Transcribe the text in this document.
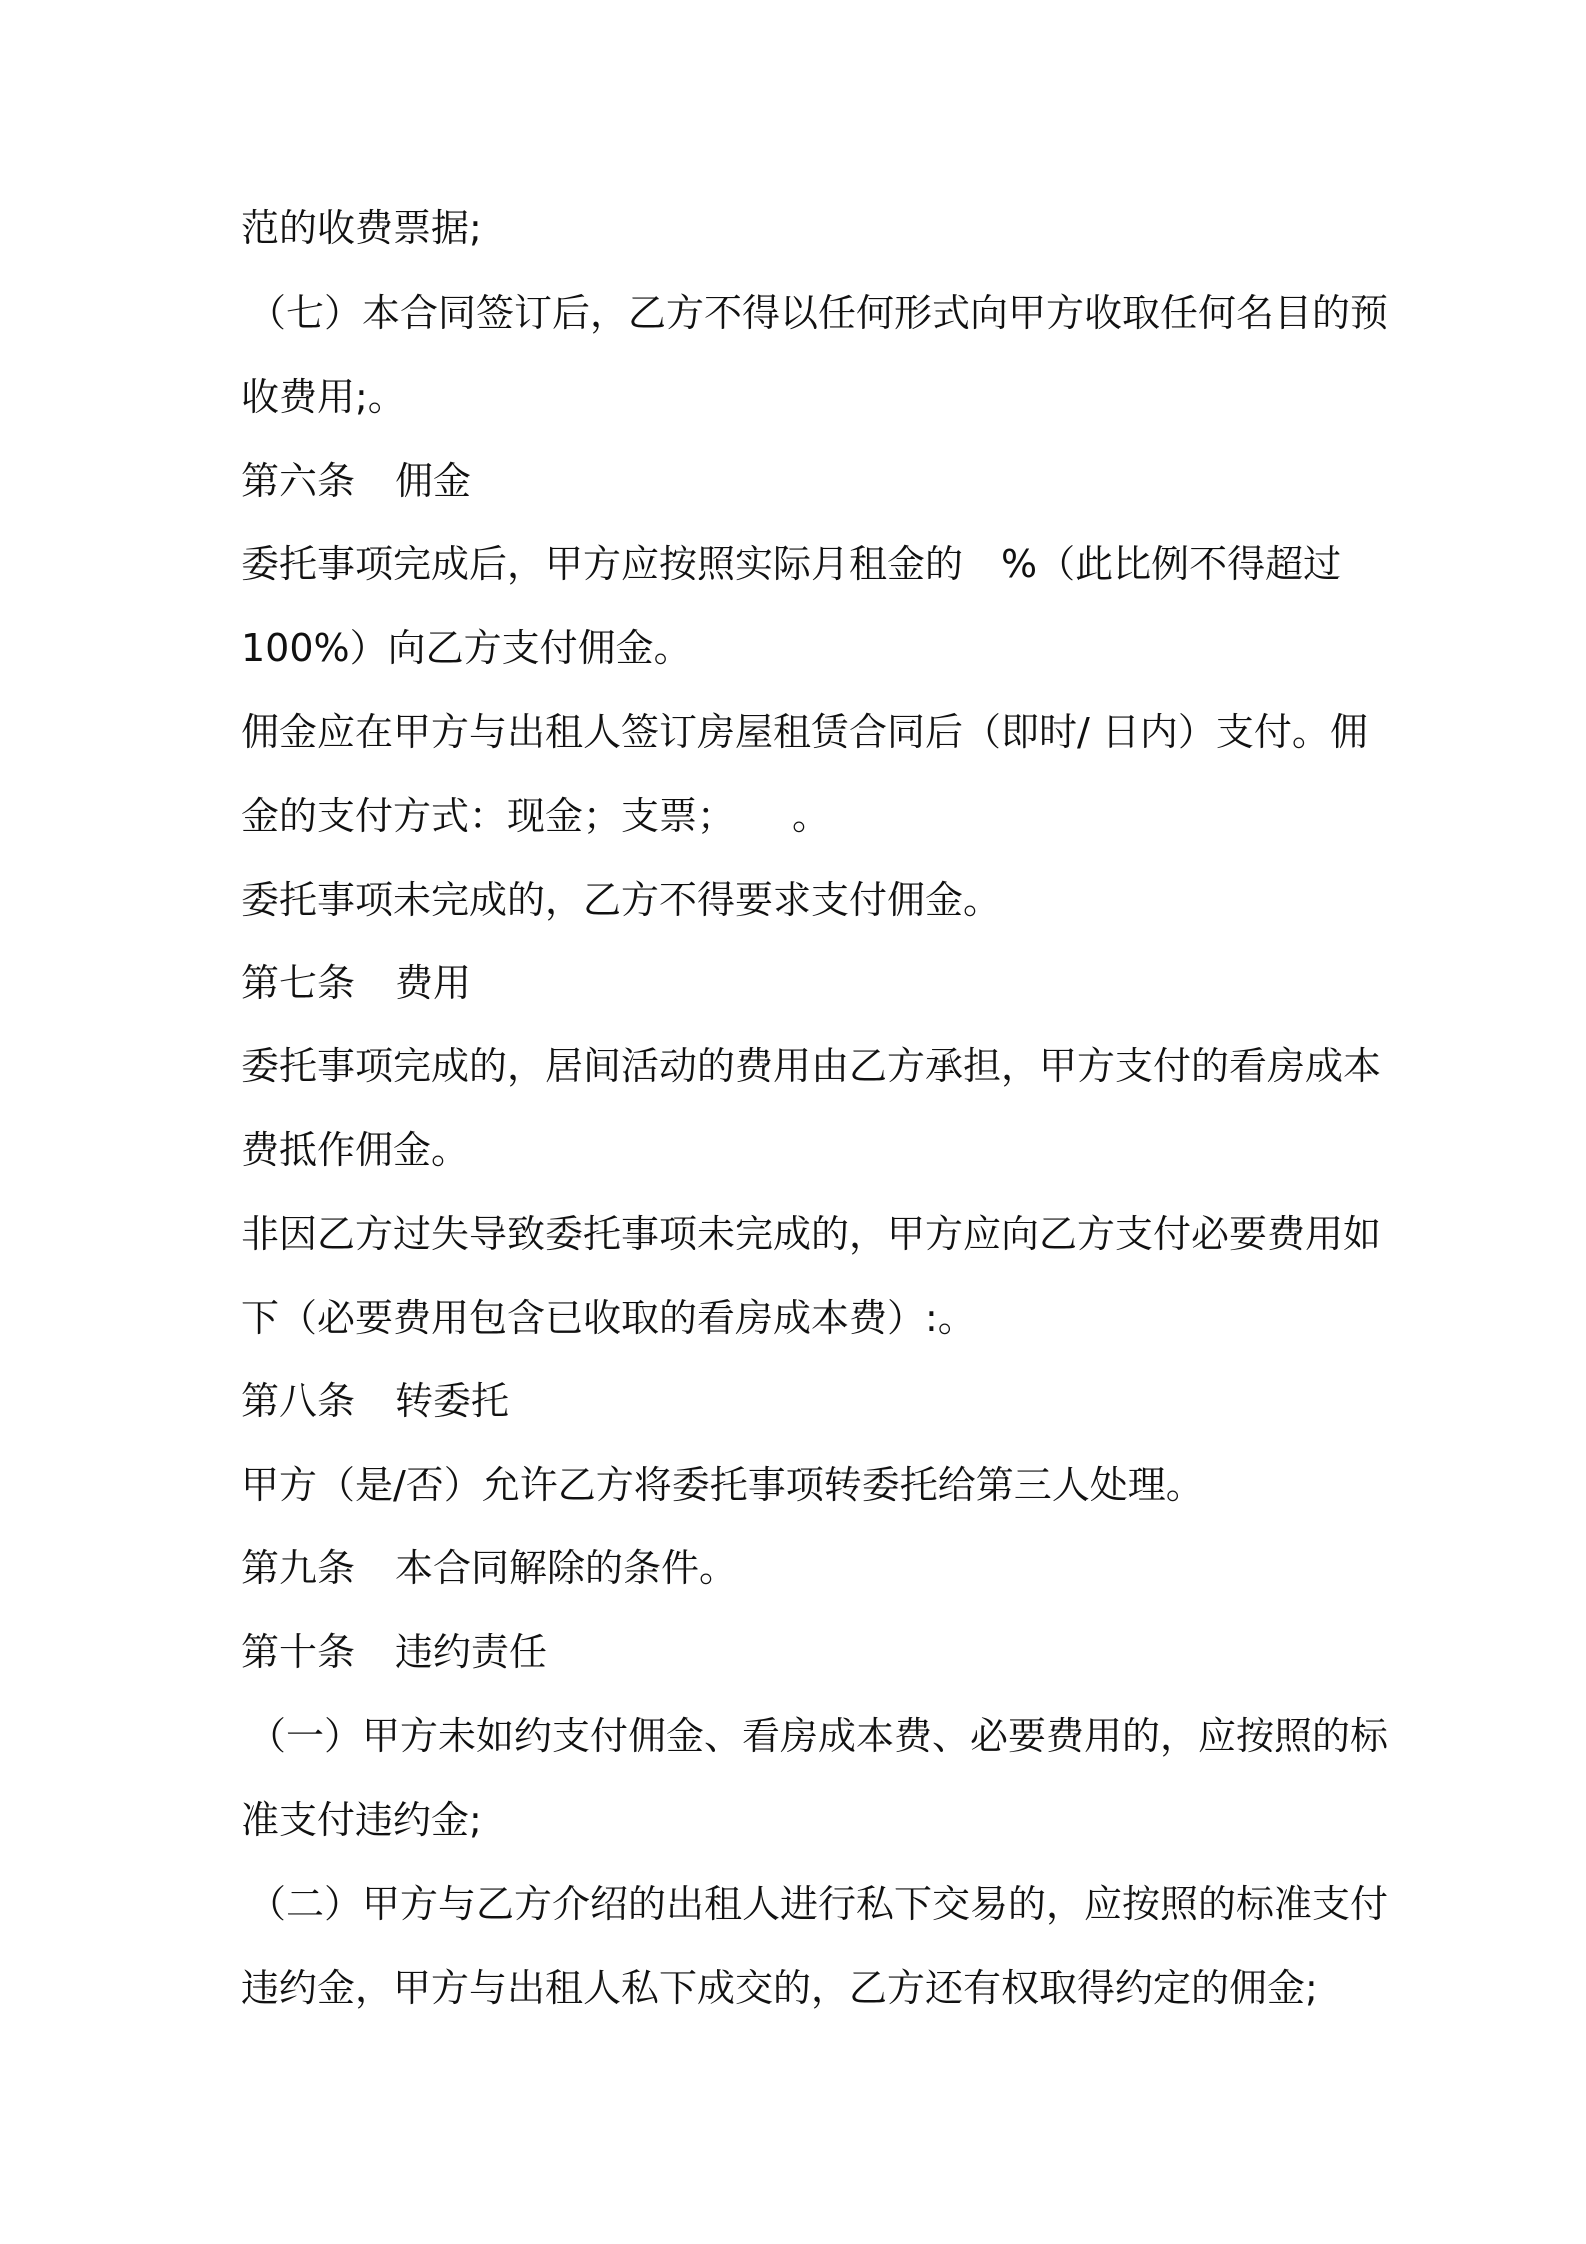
范的收费票据;
（七）本合同签订后，乙方不得以任何形式向甲方收取任何名目的预
收费用;。
第六条 佣金
委托事项完成后，甲方应按照实际月租金的　%（此比例不得超过
100%）向乙方支付佣金。
佣金应在甲方与出租人签订房屋租赁合同后（即时/ 日内）支付。佣
金的支付方式：现金；支票；　　。
委托事项未完成的，乙方不得要求支付佣金。
第七条 费用
委托事项完成的，居间活动的费用由乙方承担，甲方支付的看房成本
费抵作佣金。
非因乙方过失导致委托事项未完成的，甲方应向乙方支付必要费用如
下（必要费用包含已收取的看房成本费）:。
第八条 转委托
甲方（是/否）允许乙方将委托事项转委托给第三人处理。
第九条 本合同解除的条件。
第十条 违约责任
（一）甲方未如约支付佣金、看房成本费、必要费用的，应按照的标
准支付违约金;
（二）甲方与乙方介绍的出租人进行私下交易的，应按照的标准支付
违约金，甲方与出租人私下成交的，乙方还有权取得约定的佣金;
